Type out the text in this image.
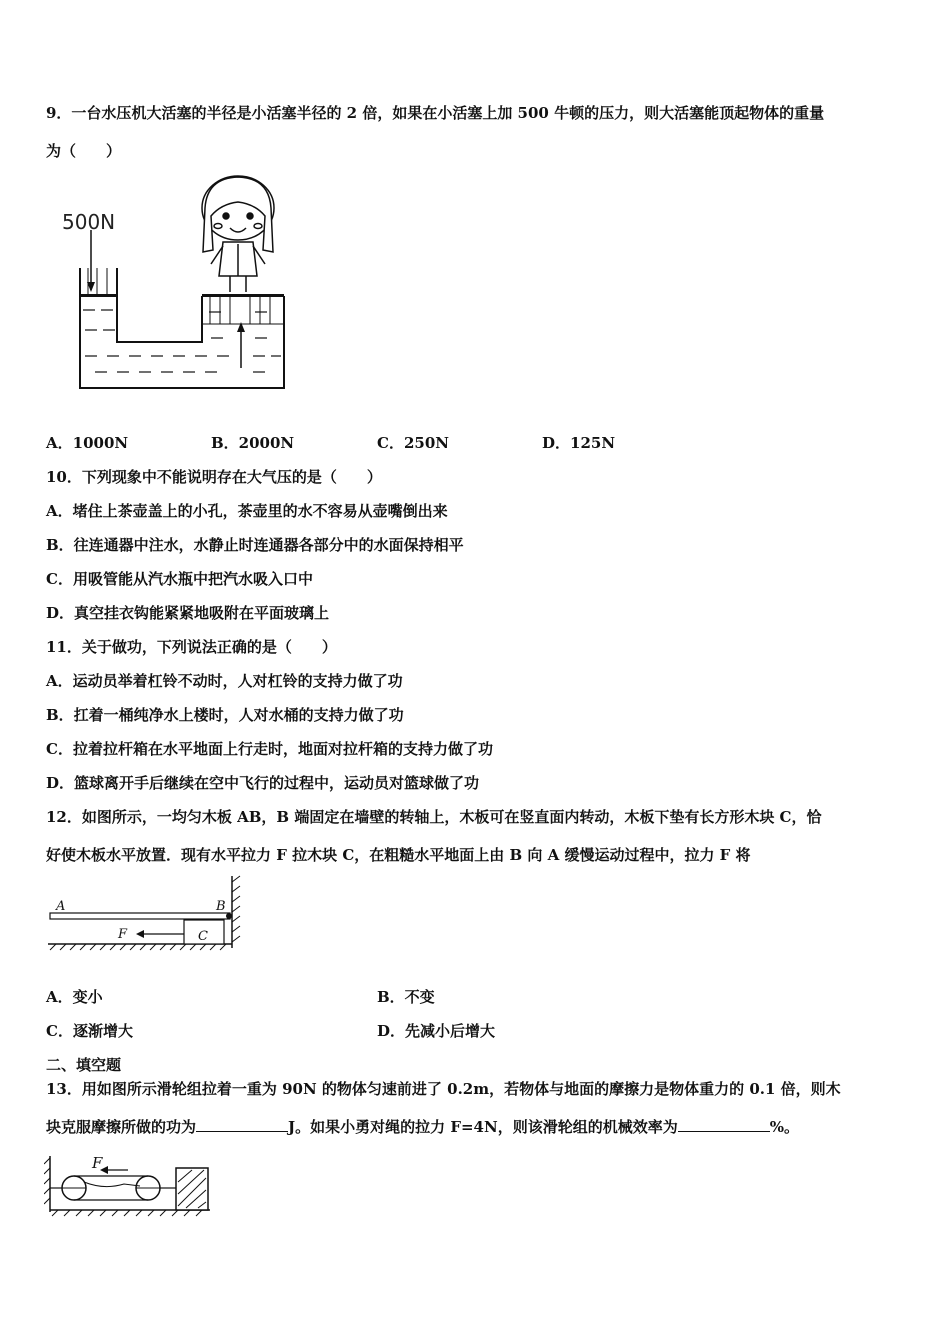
9．一台水压机大活塞的半径是小活塞半径的 2 倍，如果在小活塞上加 500 牛顿的压力，则大活塞能顶起物体的重量
为（　　）
500N
A．1000N	B．2000N	C．250N	D．125N
10．下列现象中不能说明存在大气压的是（　　）
A．堵住上茶壶盖上的小孔，茶壶里的水不容易从壶嘴倒出来
B．往连通器中注水，水静止时连通器各部分中的水面保持相平
C．用吸管能从汽水瓶中把汽水吸入口中
D．真空挂衣钩能紧紧地吸附在平面玻璃上
11．关于做功，下列说法正确的是（　　）
A．运动员举着杠铃不动时，人对杠铃的支持力做了功
B．扛着一桶纯净水上楼时，人对水桶的支持力做了功
C．拉着拉杆箱在水平地面上行走时，地面对拉杆箱的支持力做了功
D．篮球离开手后继续在空中飞行的过程中，运动员对篮球做了功
12．如图所示，一均匀木板 AB，B 端固定在墙壁的转轴上，木板可在竖直面内转动，木板下垫有长方形木块 C，恰
好使木板水平放置．现有水平拉力 F 拉木块 C，在粗糙水平地面上由 B 向 A 缓慢运动过程中，拉力 F 将
A	B
C
F
A．变小	B．不变
C．逐渐增大	D．先减小后增大
二、填空题
13．用如图所示滑轮组拉着一重为 90N 的物体匀速前进了 0.2m，若物体与地面的摩擦力是物体重力的 0.1 倍，则木
块克服摩擦所做的功为	J。如果小勇对绳的拉力 F=4N，则该滑轮组的机械效率为	%。
F
